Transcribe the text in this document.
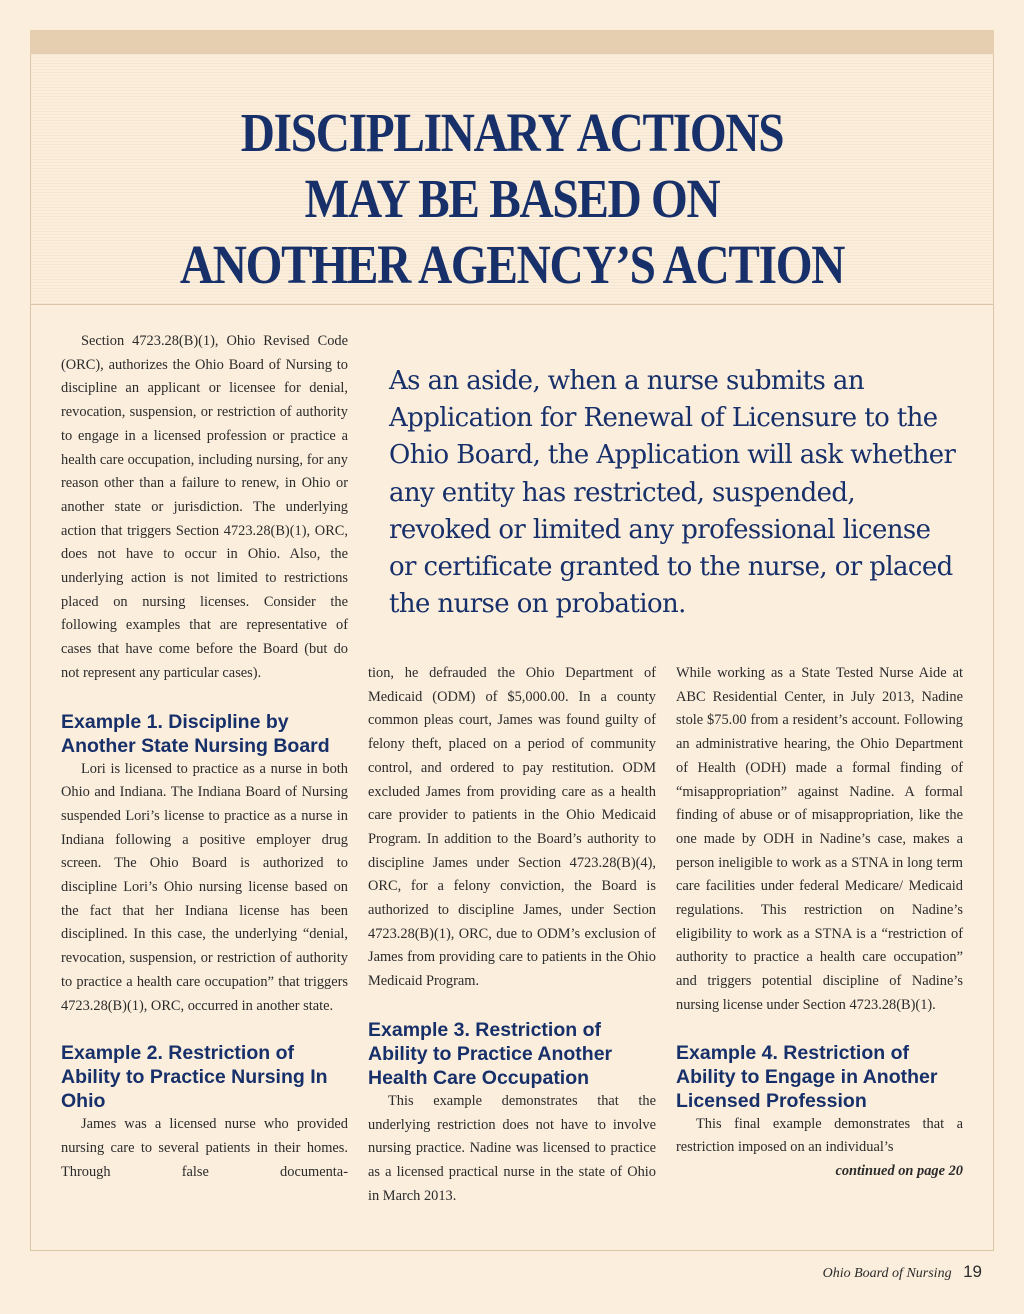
DISCIPLINARY ACTIONS
MAY BE BASED ON
ANOTHER AGENCY’S ACTION

As an aside, when a nurse submits an Application for Renewal of Licensure to the Ohio Board, the Application will ask whether any entity has restricted, suspended, revoked or limited any professional license or certificate granted to the nurse, or placed the nurse on probation.

Section 4723.28(B)(1), Ohio Revised Code (ORC), authorizes the Ohio Board of Nursing to discipline an applicant or licensee for denial, revocation, suspension, or restriction of authority to engage in a licensed profession or practice a health care occupation, including nursing, for any reason other than a failure to renew, in Ohio or another state or jurisdiction. The underlying action that triggers Section 4723.28(B)(1), ORC, does not have to occur in Ohio. Also, the underlying action is not limited to restrictions placed on nursing licenses. Consider the following examples that are representative of cases that have come before the Board (but do not represent any particular cases).

Example 1. Discipline by Another State Nursing Board

Lori is licensed to practice as a nurse in both Ohio and Indiana. The Indiana Board of Nursing suspended Lori’s license to practice as a nurse in Indiana following a positive employer drug screen. The Ohio Board is authorized to discipline Lori’s Ohio nursing license based on the fact that her Indiana license has been disciplined. In this case, the underlying “denial, revocation, suspension, or restriction of authority to practice a health care occupation” that triggers 4723.28(B)(1), ORC, occurred in another state.

Example 2. Restriction of Ability to Practice Nursing In Ohio

James was a licensed nurse who provided nursing care to several patients in their homes. Through false documenta-

tion, he defrauded the Ohio Department of Medicaid (ODM) of $5,000.00. In a county common pleas court, James was found guilty of felony theft, placed on a period of community control, and ordered to pay restitution. ODM excluded James from providing care as a health care provider to patients in the Ohio Medicaid Program. In addition to the Board’s authority to discipline James under Section 4723.28(B)(4), ORC, for a felony conviction, the Board is authorized to discipline James, under Section 4723.28(B)(1), ORC, due to ODM’s exclusion of James from providing care to patients in the Ohio Medicaid Program.

Example 3. Restriction of Ability to Practice Another Health Care Occupation

This example demonstrates that the underlying restriction does not have to involve nursing practice. Nadine was licensed to practice as a licensed practical nurse in the state of Ohio in March 2013.

While working as a State Tested Nurse Aide at ABC Residential Center, in July 2013, Nadine stole $75.00 from a resident’s account. Following an administrative hearing, the Ohio Department of Health (ODH) made a formal finding of “misappropriation” against Nadine. A formal finding of abuse or of misappropriation, like the one made by ODH in Nadine’s case, makes a person ineligible to work as a STNA in long term care facilities under federal Medicare/ Medicaid regulations. This restriction on Nadine’s eligibility to work as a STNA is a “restriction of authority to practice a health care occupation” and triggers potential discipline of Nadine’s nursing license under Section 4723.28(B)(1).

Example 4. Restriction of Ability to Engage in Another Licensed Profession

This final example demonstrates that a restriction imposed on an individual’s

continued on page 20
Ohio Board of Nursing 19
